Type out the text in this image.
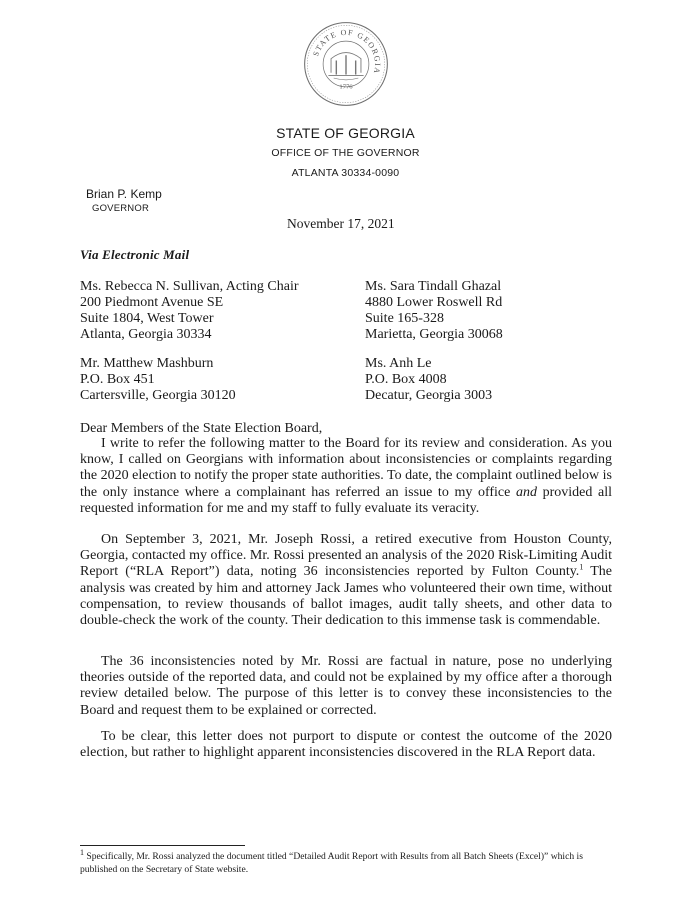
STATE OF GEORGIA
1776
STATE OF GEORGIA
OFFICE OF THE GOVERNOR
ATLANTA 30334-0090
Brian P. Kemp
GOVERNOR
November 17, 2021
Via Electronic Mail
Ms. Rebecca N. Sullivan, Acting Chair
200 Piedmont Avenue SE
Suite 1804, West Tower
Atlanta, Georgia 30334
Ms. Sara Tindall Ghazal
4880 Lower Roswell Rd
Suite 165-328
Marietta, Georgia 30068
Mr. Matthew Mashburn
P.O. Box 451
Cartersville, Georgia 30120
Ms. Anh Le
P.O. Box 4008
Decatur, Georgia 3003
Dear Members of the State Election Board,

I write to refer the following matter to the Board for its review and consideration. As you know, I called on Georgians with information about inconsistencies or complaints regarding the 2020 election to notify the proper state authorities. To date, the complaint outlined below is the only instance where a complainant has referred an issue to my office and provided all requested information for me and my staff to fully evaluate its veracity.

On September 3, 2021, Mr. Joseph Rossi, a retired executive from Houston County, Georgia, contacted my office. Mr. Rossi presented an analysis of the 2020 Risk-Limiting Audit Report (“RLA Report”) data, noting 36 inconsistencies reported by Fulton County.$^1$ The analysis was created by him and attorney Jack James who volunteered their own time, without compensation, to review thousands of ballot images, audit tally sheets, and other data to double-check the work of the county. Their dedication to this immense task is commendable.

The 36 inconsistencies noted by Mr. Rossi are factual in nature, pose no underlying theories outside of the reported data, and could not be explained by my office after a thorough review detailed below. The purpose of this letter is to convey these inconsistencies to the Board and request them to be explained or corrected.

To be clear, this letter does not purport to dispute or contest the outcome of the 2020 election, but rather to highlight apparent inconsistencies discovered in the RLA Report data.

$^1$ Specifically, Mr. Rossi analyzed the document titled “Detailed Audit Report with Results from all Batch Sheets (Excel)” which is published on the Secretary of State website.
